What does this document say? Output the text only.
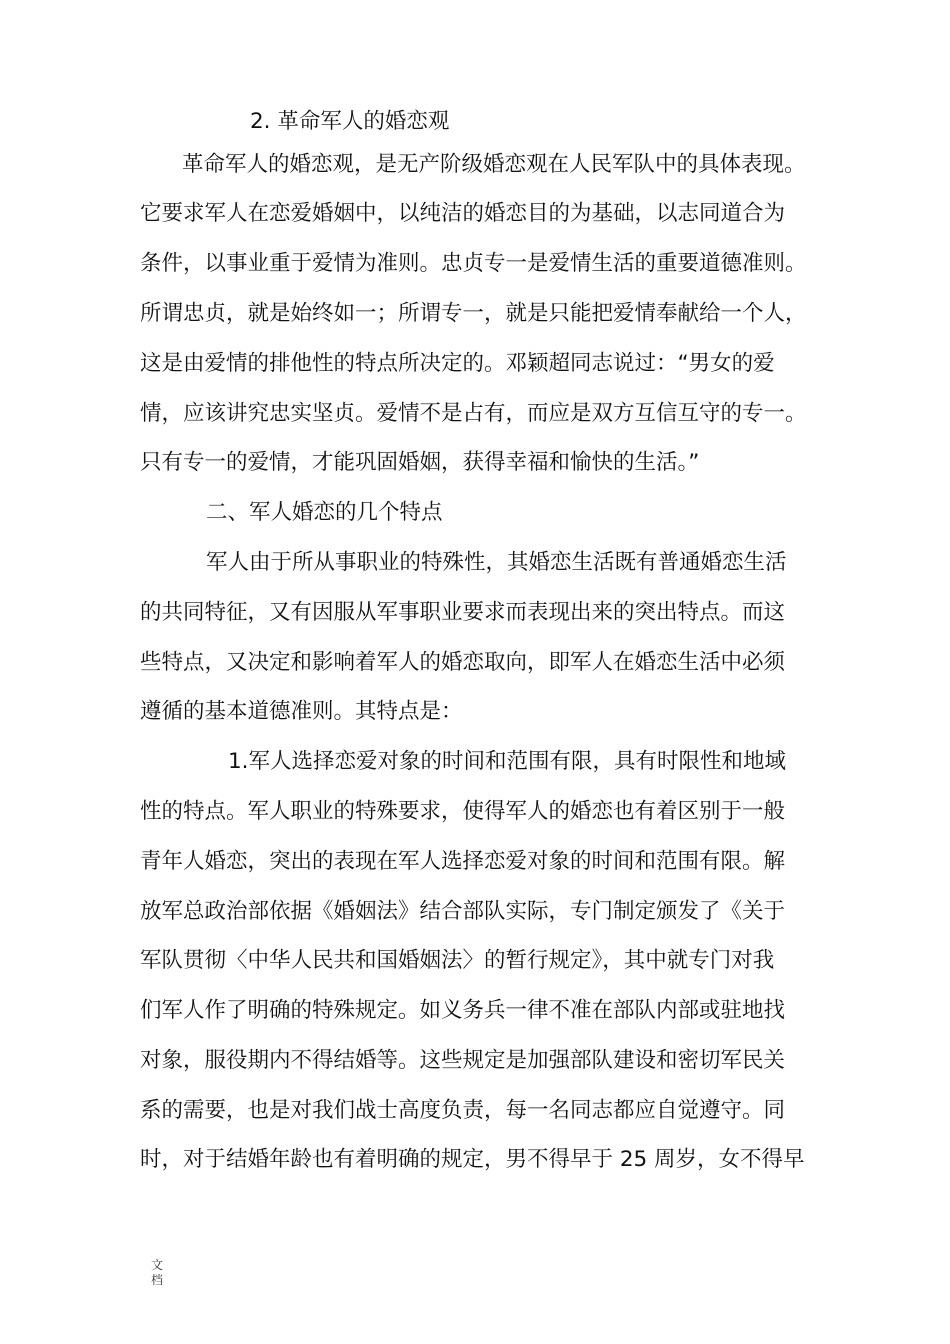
2. 革命军人的婚恋观
革命军人的婚恋观，是无产阶级婚恋观在人民军队中的具体表现。
它要求军人在恋爱婚姻中，以纯洁的婚恋目的为基础，以志同道合为
条件，以事业重于爱情为准则。忠贞专一是爱情生活的重要道德准则。
所谓忠贞，就是始终如一；所谓专一，就是只能把爱情奉献给一个人，
这是由爱情的排他性的特点所决定的。邓颖超同志说过：“男女的爱
情，应该讲究忠实坚贞。爱情不是占有，而应是双方互信互守的专一。
只有专一的爱情，才能巩固婚姻，获得幸福和愉快的生活。”
二、军人婚恋的几个特点
军人由于所从事职业的特殊性，其婚恋生活既有普通婚恋生活
的共同特征，又有因服从军事职业要求而表现出来的突出特点。而这
些特点，又决定和影响着军人的婚恋取向，即军人在婚恋生活中必须
遵循的基本道德准则。其特点是：
1.军人选择恋爱对象的时间和范围有限，具有时限性和地域
性的特点。军人职业的特殊要求，使得军人的婚恋也有着区别于一般
青年人婚恋，突出的表现在军人选择恋爱对象的时间和范围有限。解
放军总政治部依据《婚姻法》结合部队实际，专门制定颁发了《关于
军队贯彻〈中华人民共和国婚姻法〉的暂行规定》，其中就专门对我
们军人作了明确的特殊规定。如义务兵一律不准在部队内部或驻地找
对象，服役期内不得结婚等。这些规定是加强部队建设和密切军民关
系的需要，也是对我们战士高度负责，每一名同志都应自觉遵守。同
时，对于结婚年龄也有着明确的规定，男不得早于 25 周岁，女不得早
文档
